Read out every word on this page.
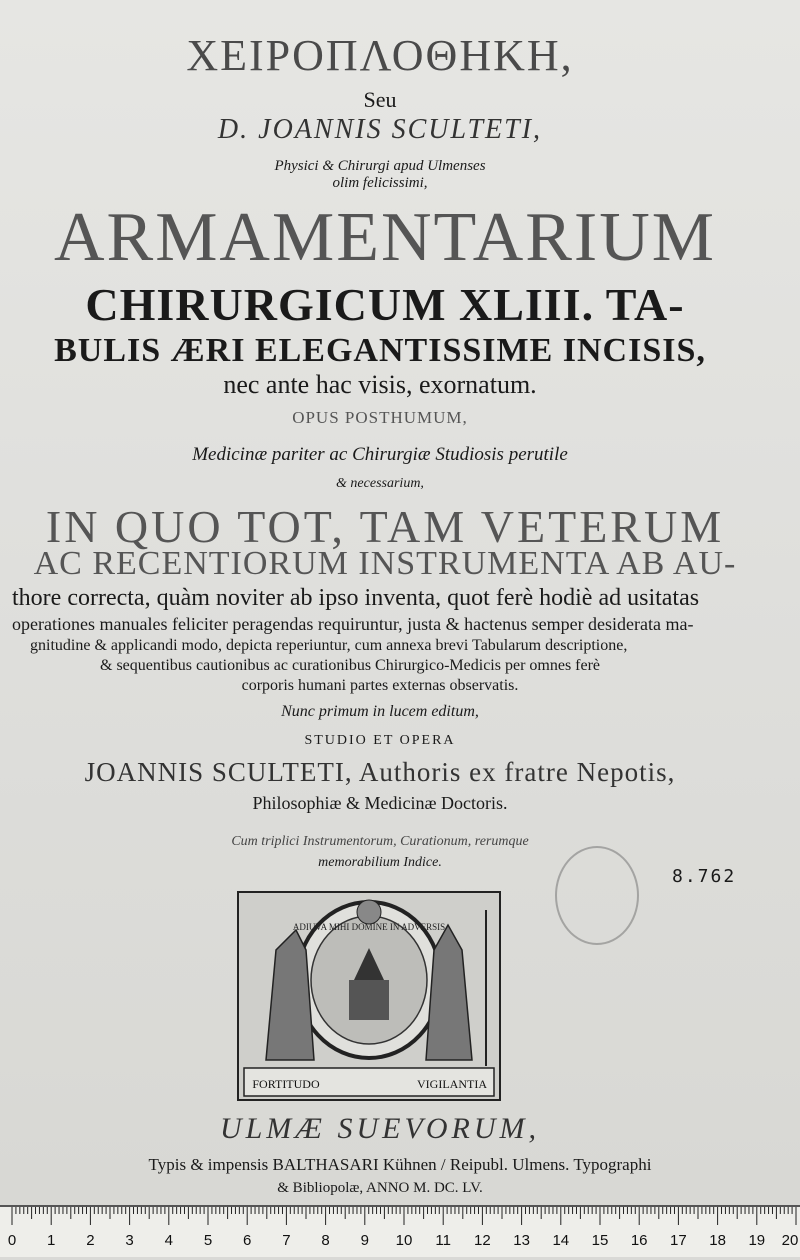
ΧΕΙΡΟΠΛΟΘΗΚΗ,
Seu
D. JOANNIS SCULTETI,
Physici & Chirurgi apud Ulmenses
olim felicissimi,
ARMAMENTARIUM
CHIRURGICUM XLIII. TA-
BULIS ÆRI ELEGANTISSIME INCISIS,
nec ante hac visis, exornatum.
OPUS POSTHUMUM,
Medicinæ pariter ac Chirurgiæ Studiosis perutile
& necessarium,
IN QUO TOT, TAM VETERUM
AC RECENTIORUM INSTRUMENTA AB AU-
thore correcta, quàm noviter ab ipso inventa, quot ferè hodiè ad usitatas
operationes manuales feliciter peragendas requiruntur, justa & hactenus semper desiderata ma-
gnitudine & applicandi modo, depicta reperiuntur, cum annexa brevi Tabularum descriptione,
& sequentibus cautionibus ac curationibus Chirurgico-Medicis per omnes ferè
corporis humani partes externas observatis.
Nunc primum in lucem editum,
STUDIO ET OPERA
JOANNIS SCULTETI, Authoris ex fratre Nepotis,
Philosophiæ & Medicinæ Doctoris.
Cum triplici Instrumentorum, Curationum, rerumque
memorabilium Indice.
8.762
ADIUVA MIHI DOMINE IN ADVERSIS
FORTITUDO	VIGILANTIA
ULMÆ SUEVORUM,
Typis & impensis BALTHASARI Kühnen / Reipubl. Ulmens. Typographi
& Bibliopolæ, ANNO M. DC. LV.
0 1 2 3 4 5 6 7 8 9 10 11 12 13 14 15 16 17 18 19 20
